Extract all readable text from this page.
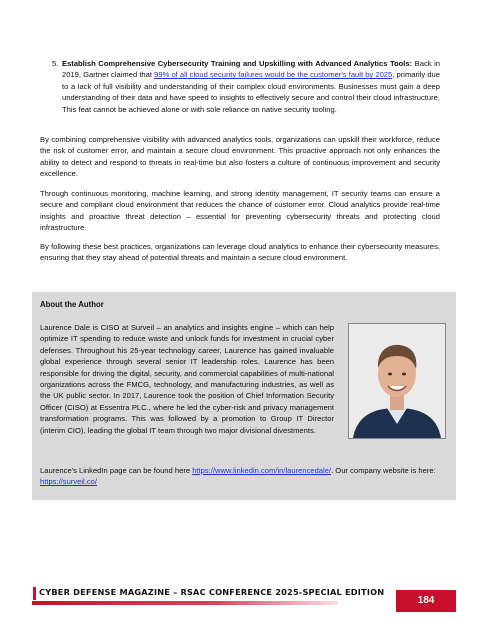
5. Establish Comprehensive Cybersecurity Training and Upskilling with Advanced Analytics Tools: Back in 2019, Gartner claimed that 99% of all cloud security failures would be the customer's fault by 2025, primarily due to a lack of full visibility and understanding of their complex cloud environments. Businesses must gain a deep understanding of their data and have speed to insights to effectively secure and control their cloud infrastructure. This feat cannot be achieved alone or with sole reliance on native security tooling.

By combining comprehensive visibility with advanced analytics tools, organizations can upskill their workforce, reduce the risk of customer error, and maintain a secure cloud environment. This proactive approach not only enhances the ability to detect and respond to threats in real-time but also fosters a culture of continuous improvement and security excellence.

Through continuous monitoring, machine learning, and strong identity management, IT security teams can ensure a secure and compliant cloud environment that reduces the chance of customer error. Cloud analytics provide real-time insights and proactive threat detection – essential for preventing cybersecurity threats and protecting cloud infrastructure.

By following these best practices, organizations can leverage cloud analytics to enhance their cybersecurity measures, ensuring that they stay ahead of potential threats and maintain a secure cloud environment.

About the Author

Laurence Dale is CISO at Surveil – an analytics and insights engine – which can help optimize IT spending to reduce waste and unlock funds for investment in crucial cyber defenses. Throughout his 25-year technology career, Laurence has gained invaluable global experience through several senior IT leadership roles. Laurence has been responsible for driving the digital, security, and commercial capabilities of multi-national organizations across the FMCG, technology, and manufacturing industries, as well as the UK public sector. In 2017, Laurence took the position of Chief Information Security Officer (CISO) at Essentra PLC., where he led the cyber-risk and privacy management transformation programs. This was followed by a promotion to Group IT Director (interim CIO), leading the global IT team through two major divisional divestments.

Laurence's LinkedIn page can be found here https://www.linkedin.com/in/laurencedale/. Our company website is here: https://surveil.co/

CYBER DEFENSE MAGAZINE – RSAC CONFERENCE 2025-SPECIAL EDITION
184
